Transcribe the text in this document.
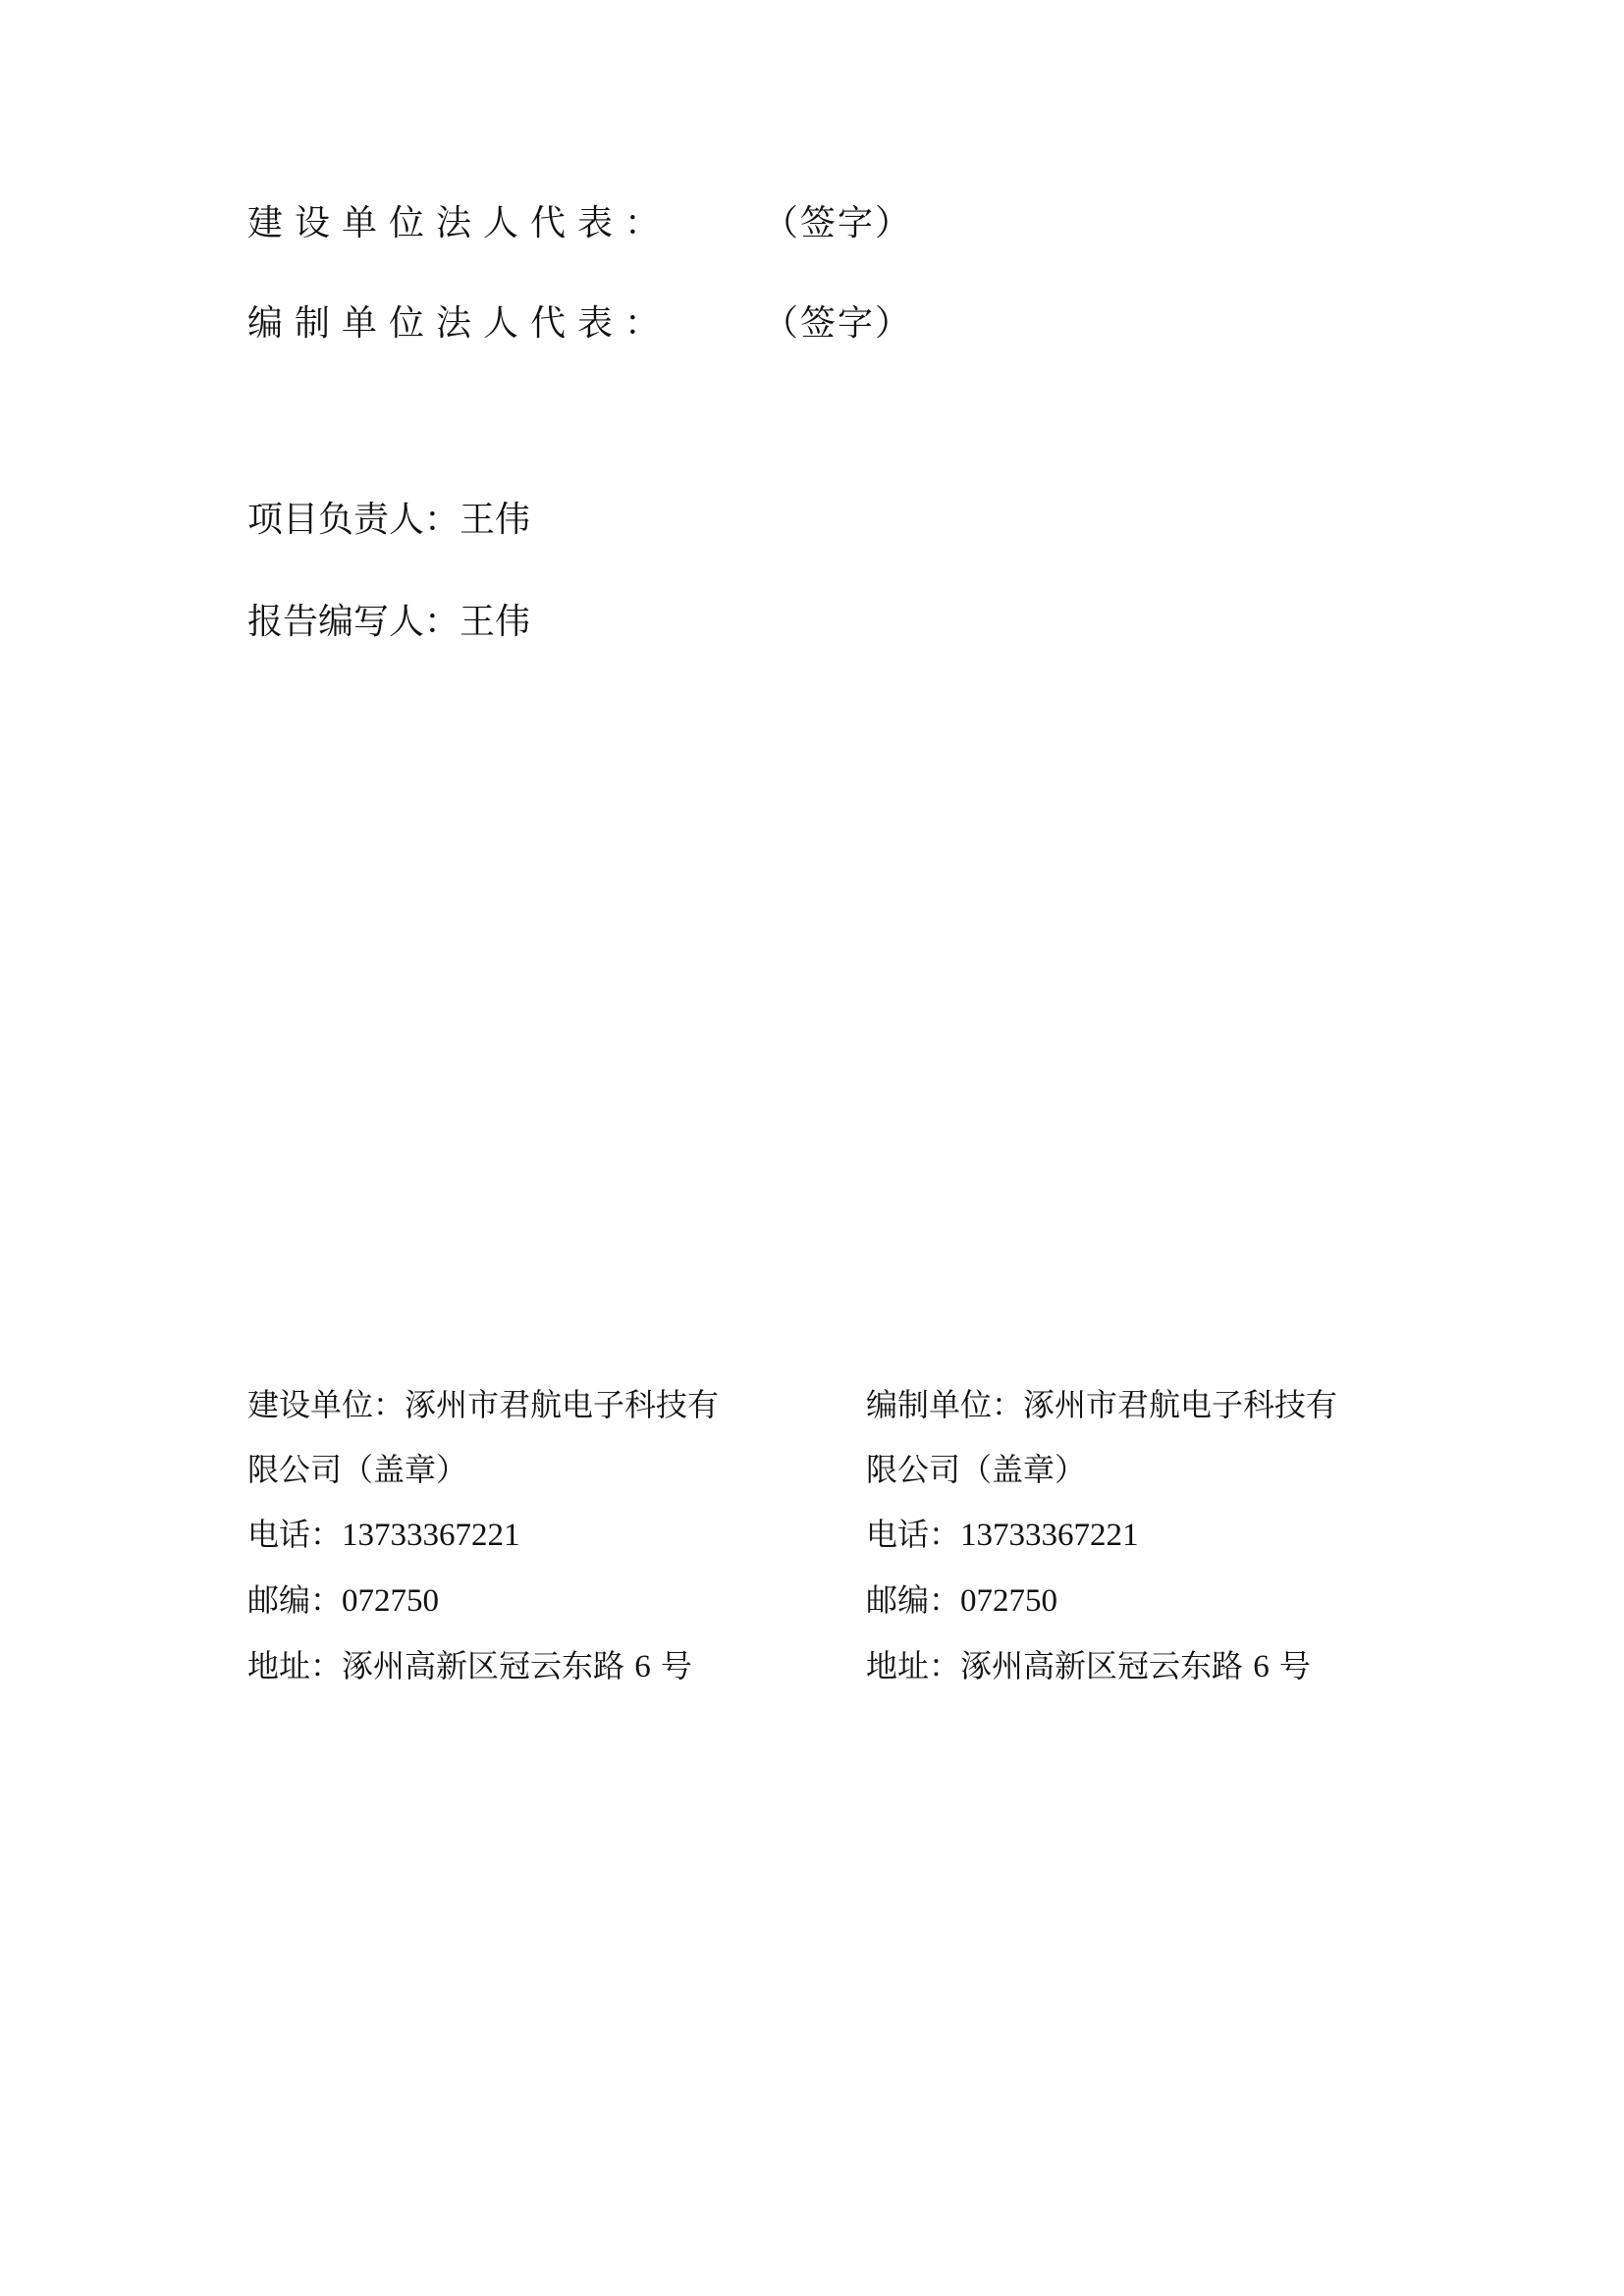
建设单位法人代表：	（签字）
编制单位法人代表：	（签字）
项目负责人：王伟
报告编写人：王伟
建设单位：涿州市君航电子科技有
限公司（盖章）
电话：13733367221
邮编：072750
地址：涿州高新区冠云东路 6 号
编制单位：涿州市君航电子科技有
限公司（盖章）
电话：13733367221
邮编：072750
地址：涿州高新区冠云东路 6 号
